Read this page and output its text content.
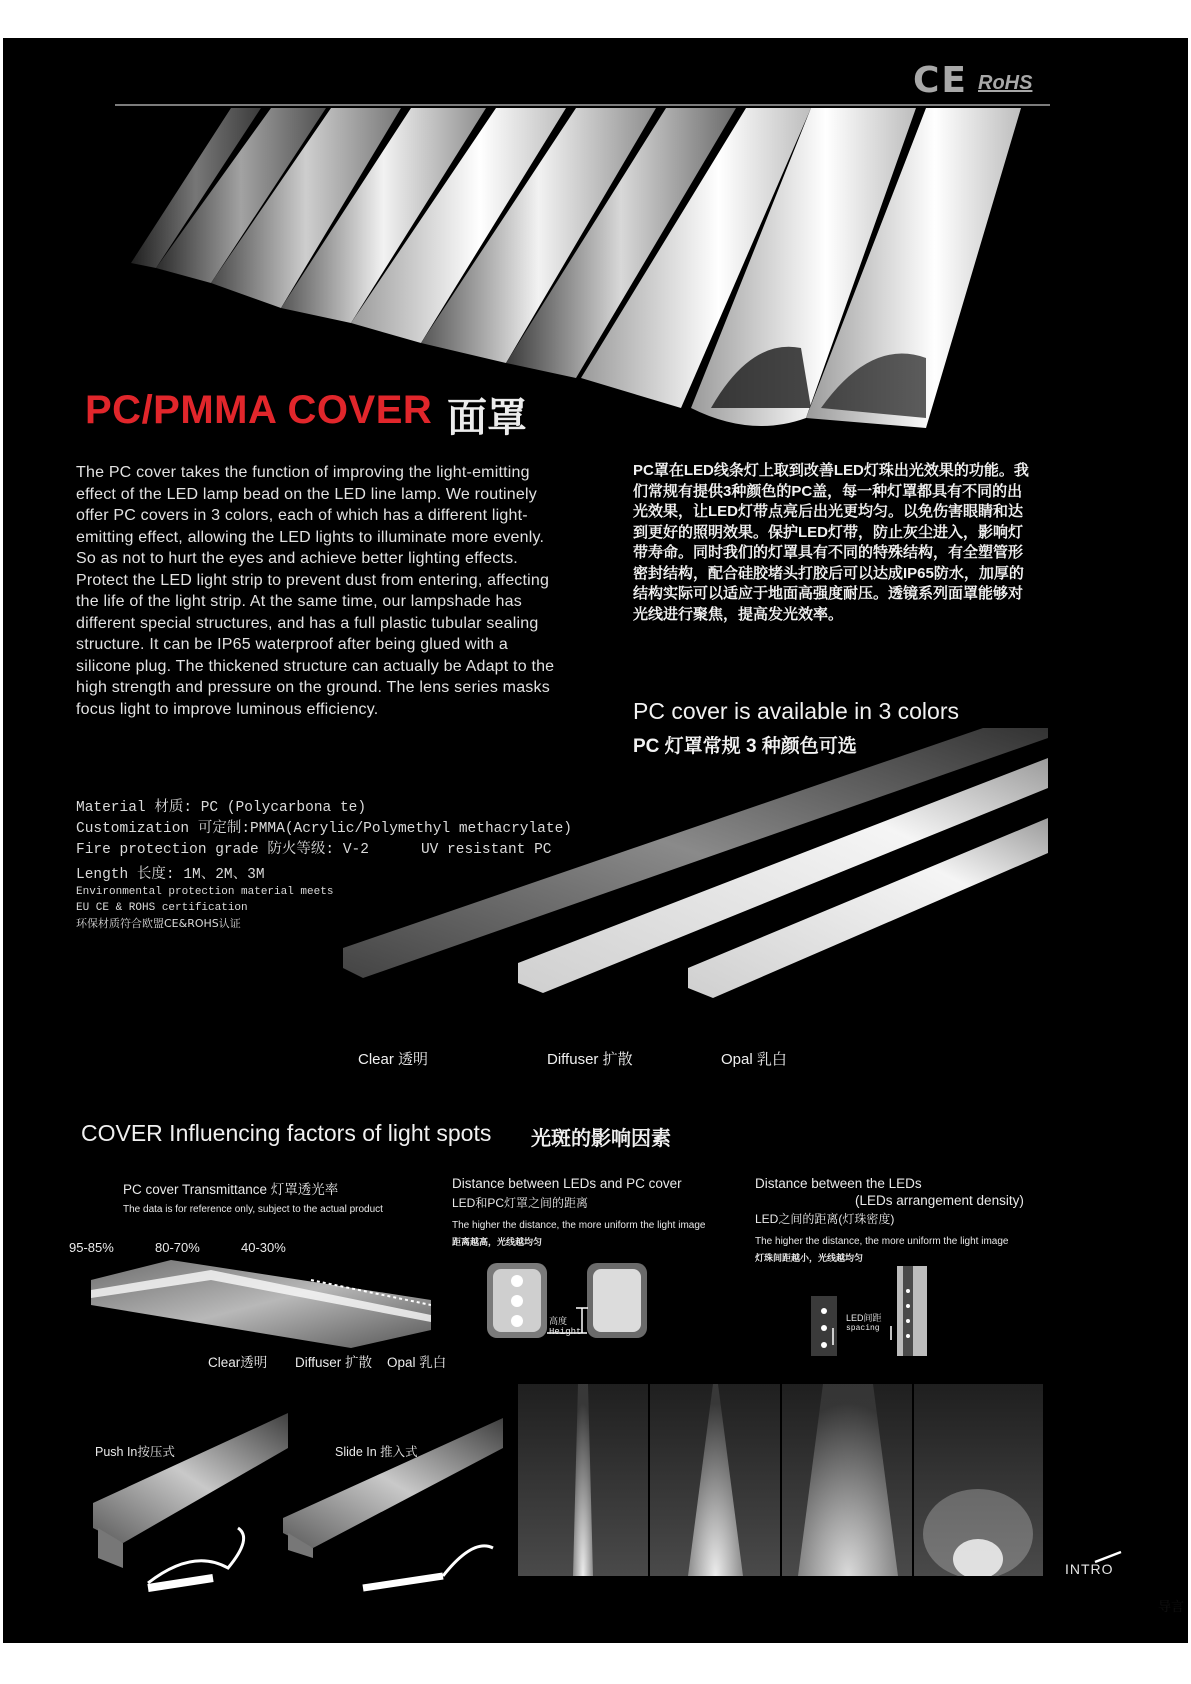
CE RoHS
PC/PMMA COVER 面罩
The PC cover takes the function of improving the light-emitting effect of the LED lamp bead on the LED line lamp. We routinely offer PC covers in 3 colors, each of which has a different light-emitting effect, allowing the LED lights to illuminate more evenly. So as not to hurt the eyes and achieve better lighting effects. Protect the LED light strip to prevent dust from entering, affecting the life of the light strip. At the same time, our lampshade has different special structures, and has a full plastic tubular sealing structure. It can be IP65 waterproof after being glued with a silicone plug. The thickened structure can actually be Adapt to the high strength and pressure on the ground. The lens series masks focus light to improve luminous efficiency.
PC罩在LED线条灯上取到改善LED灯珠出光效果的功能。我们常规有提供3种颜色的PC盖，每一种灯罩都具有不同的出光效果，让LED灯带点亮后出光更均匀。以免伤害眼睛和达到更好的照明效果。保护LED灯带，防止灰尘进入，影响灯带寿命。同时我们的灯罩具有不同的特殊结构，有全塑管形密封结构，配合硅胶堵头打胶后可以达成IP65防水，加厚的结构实际可以适应于地面高强度耐压。透镜系列面罩能够对光线进行聚焦，提高发光效率。
Clear 透明	Diffuser 扩散	Opal 乳白
PC cover is available in 3 colors
PC 灯罩常规 3 种颜色可选
Material 材质: PC (Polycarbona te)
Customization 可定制:PMMA(Acrylic/Polymethyl methacrylate)
Fire protection grade 防火等级: V-2	UV resistant PC
Length 长度: 1M、2M、3M
Environmental protection material meets
EU CE & ROHS certification
环保材质符合欧盟CE&ROHS认证
COVER Influencing factors of light spots 光斑的影响因素
PC cover Transmittance 灯罩透光率
The data is for reference only, subject to the actual product
95-85%	80-70%	40-30%
Clear透明 Diffuser 扩散 Opal 乳白
Distance between LEDs and PC cover
LED和PC灯罩之间的距离
The higher the distance, the more uniform the light image
距离越高，光线越均匀
高度
Height
Distance between the LEDs
(LEDs arrangement density)
LED之间的距离(灯珠密度)
The higher the distance, the more uniform the light image
灯珠间距越小，光线越均匀
LED间距
spacing
Push In按压式	Slide In 推入式
INTRO
导言
